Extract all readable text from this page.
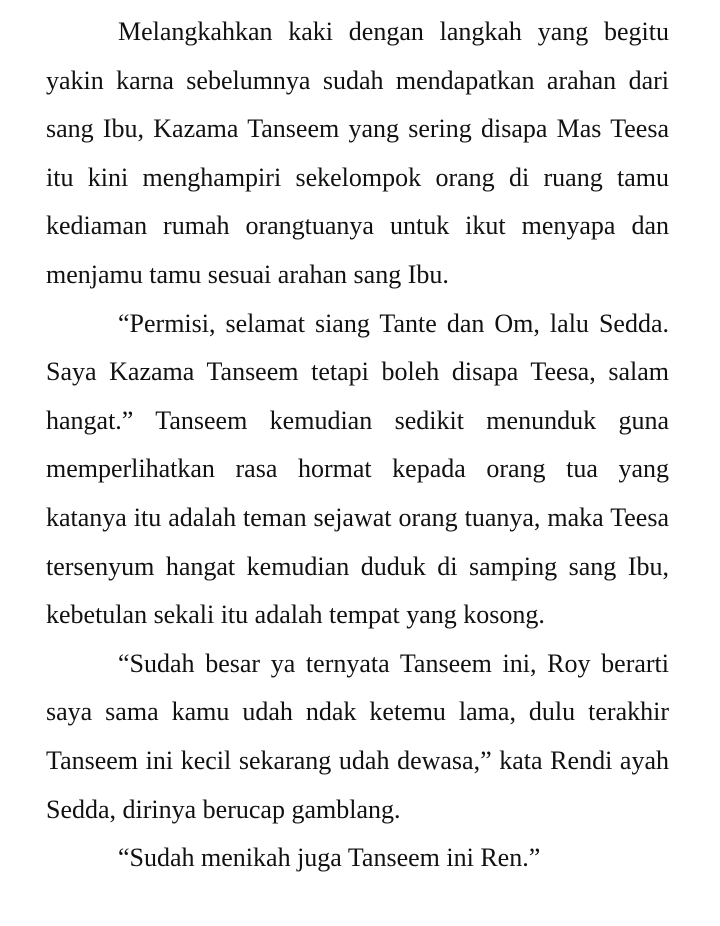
Melangkahkan kaki dengan langkah yang begitu yakin karna sebelumnya sudah mendapatkan arahan dari sang Ibu, Kazama Tanseem yang sering disapa Mas Teesa itu kini menghampiri sekelompok orang di ruang tamu kediaman rumah orangtuanya untuk ikut menyapa dan menjamu tamu sesuai arahan sang Ibu.

“Permisi, selamat siang Tante dan Om, lalu Sedda. Saya Kazama Tanseem tetapi boleh disapa Teesa, salam hangat.” Tanseem kemudian sedikit menunduk guna memperlihatkan rasa hormat kepada orang tua yang katanya itu adalah teman sejawat orang tuanya, maka Teesa tersenyum hangat kemudian duduk di samping sang Ibu, kebetulan sekali itu adalah tempat yang kosong.

“Sudah besar ya ternyata Tanseem ini, Roy berarti saya sama kamu udah ndak ketemu lama, dulu terakhir Tanseem ini kecil sekarang udah dewasa,” kata Rendi ayah Sedda, dirinya berucap gamblang.

“Sudah menikah juga Tanseem ini Ren.”
